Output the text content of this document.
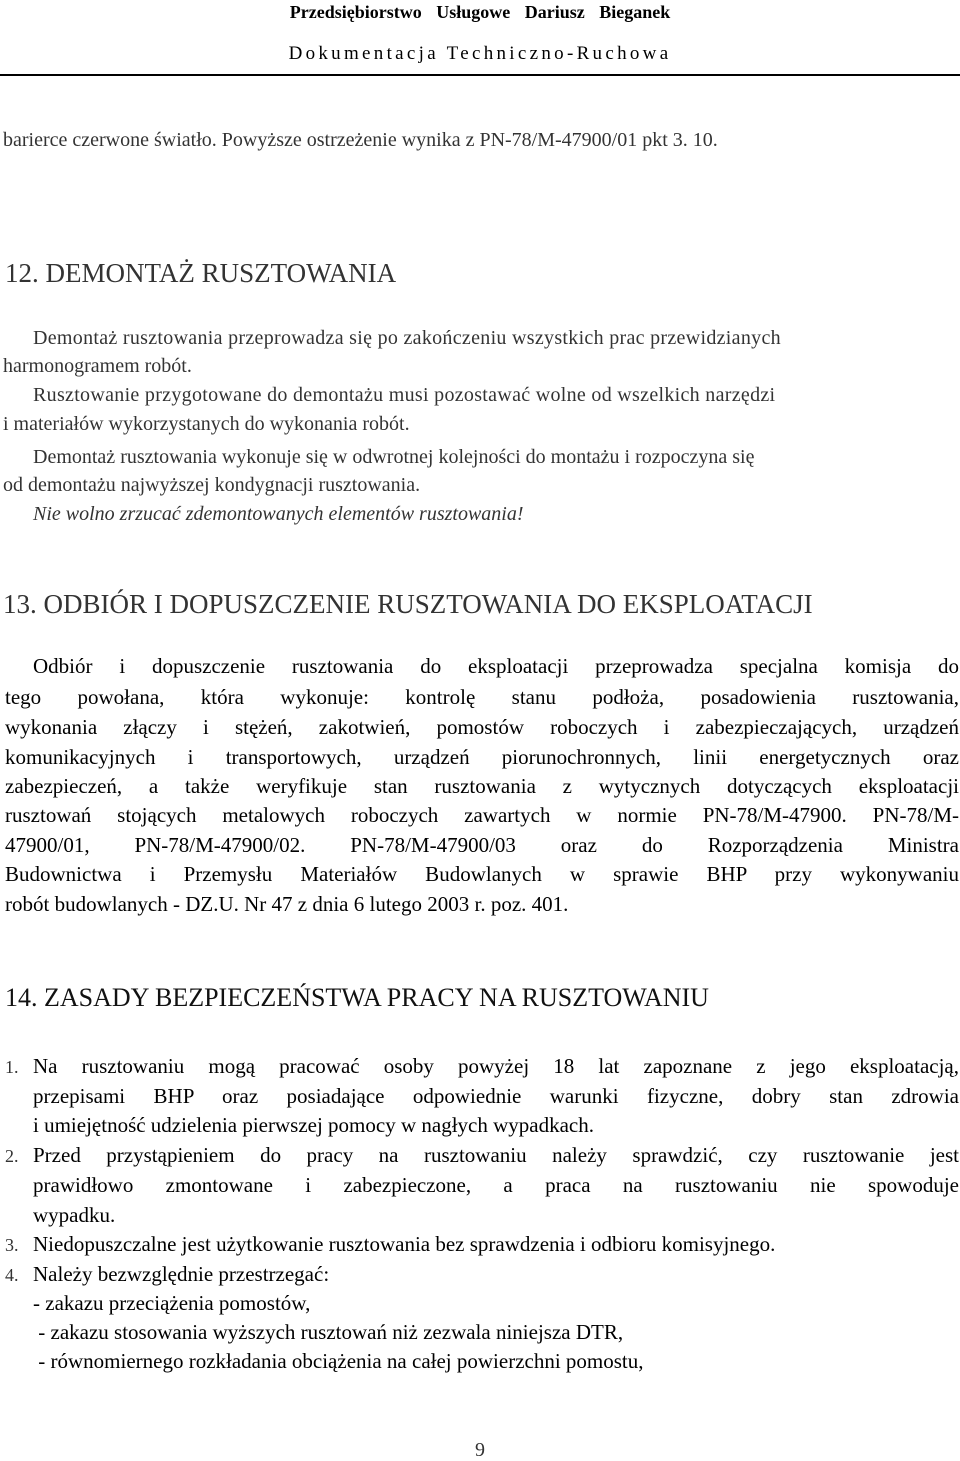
Przedsiębiorstwo Usługowe Dariusz Bieganek
Dokumentacja Techniczno-Ruchowa
barierce czerwone światło. Powyższe ostrzeżenie wynika z PN-78/M-47900/01 pkt 3. 10.
12. DEMONTAŻ RUSZTOWANIA
Demontaż rusztowania przeprowadza się po zakończeniu wszystkich prac przewidzianych
harmonogramem robót.
Rusztowanie przygotowane do demontażu musi pozostawać wolne od wszelkich narzędzi
i materiałów wykorzystanych do wykonania robót.
Demontaż rusztowania wykonuje się w odwrotnej kolejności do montażu i rozpoczyna się
od demontażu najwyższej kondygnacji rusztowania.
Nie wolno zrzucać zdemontowanych elementów rusztowania!
13. ODBIÓR I DOPUSZCZENIE RUSZTOWANIA DO EKSPLOATACJI
Odbiór i dopuszczenie rusztowania do eksploatacji przeprowadza specjalna komisja do
tego powołana, która wykonuje: kontrolę stanu podłoża, posadowienia rusztowania,
wykonania złączy i stężeń, zakotwień, pomostów roboczych i zabezpieczających, urządzeń
komunikacyjnych i transportowych, urządzeń piorunochronnych, linii energetycznych oraz
zabezpieczeń, a także weryfikuje stan rusztowania z wytycznych dotyczących eksploatacji
rusztowań stojących metalowych roboczych zawartych w normie PN-78/M-47900. PN-78/M-
47900/01, PN-78/M-47900/02. PN-78/M-47900/03 oraz do Rozporządzenia Ministra
Budownictwa i Przemysłu Materiałów Budowlanych w sprawie BHP przy wykonywaniu
robót budowlanych - DZ.U. Nr 47 z dnia 6 lutego 2003 r. poz. 401.
14. ZASADY BEZPIECZEŃSTWA PRACY NA RUSZTOWANIU
1. Na rusztowaniu mogą pracować osoby powyżej 18 lat zapoznane z jego eksploatacją,
przepisami BHP oraz posiadające odpowiednie warunki fizyczne, dobry stan zdrowia
i umiejętność udzielenia pierwszej pomocy w nagłych wypadkach.
2. Przed przystąpieniem do pracy na rusztowaniu należy sprawdzić, czy rusztowanie jest
prawidłowo zmontowane i zabezpieczone, a praca na rusztowaniu nie spowoduje
wypadku.
3. Niedopuszczalne jest użytkowanie rusztowania bez sprawdzenia i odbioru komisyjnego.
4. Należy bezwzględnie przestrzegać:
- zakazu przeciążenia pomostów,
- zakazu stosowania wyższych rusztowań niż zezwala niniejsza DTR,
- równomiernego rozkładania obciążenia na całej powierzchni pomostu,
9
